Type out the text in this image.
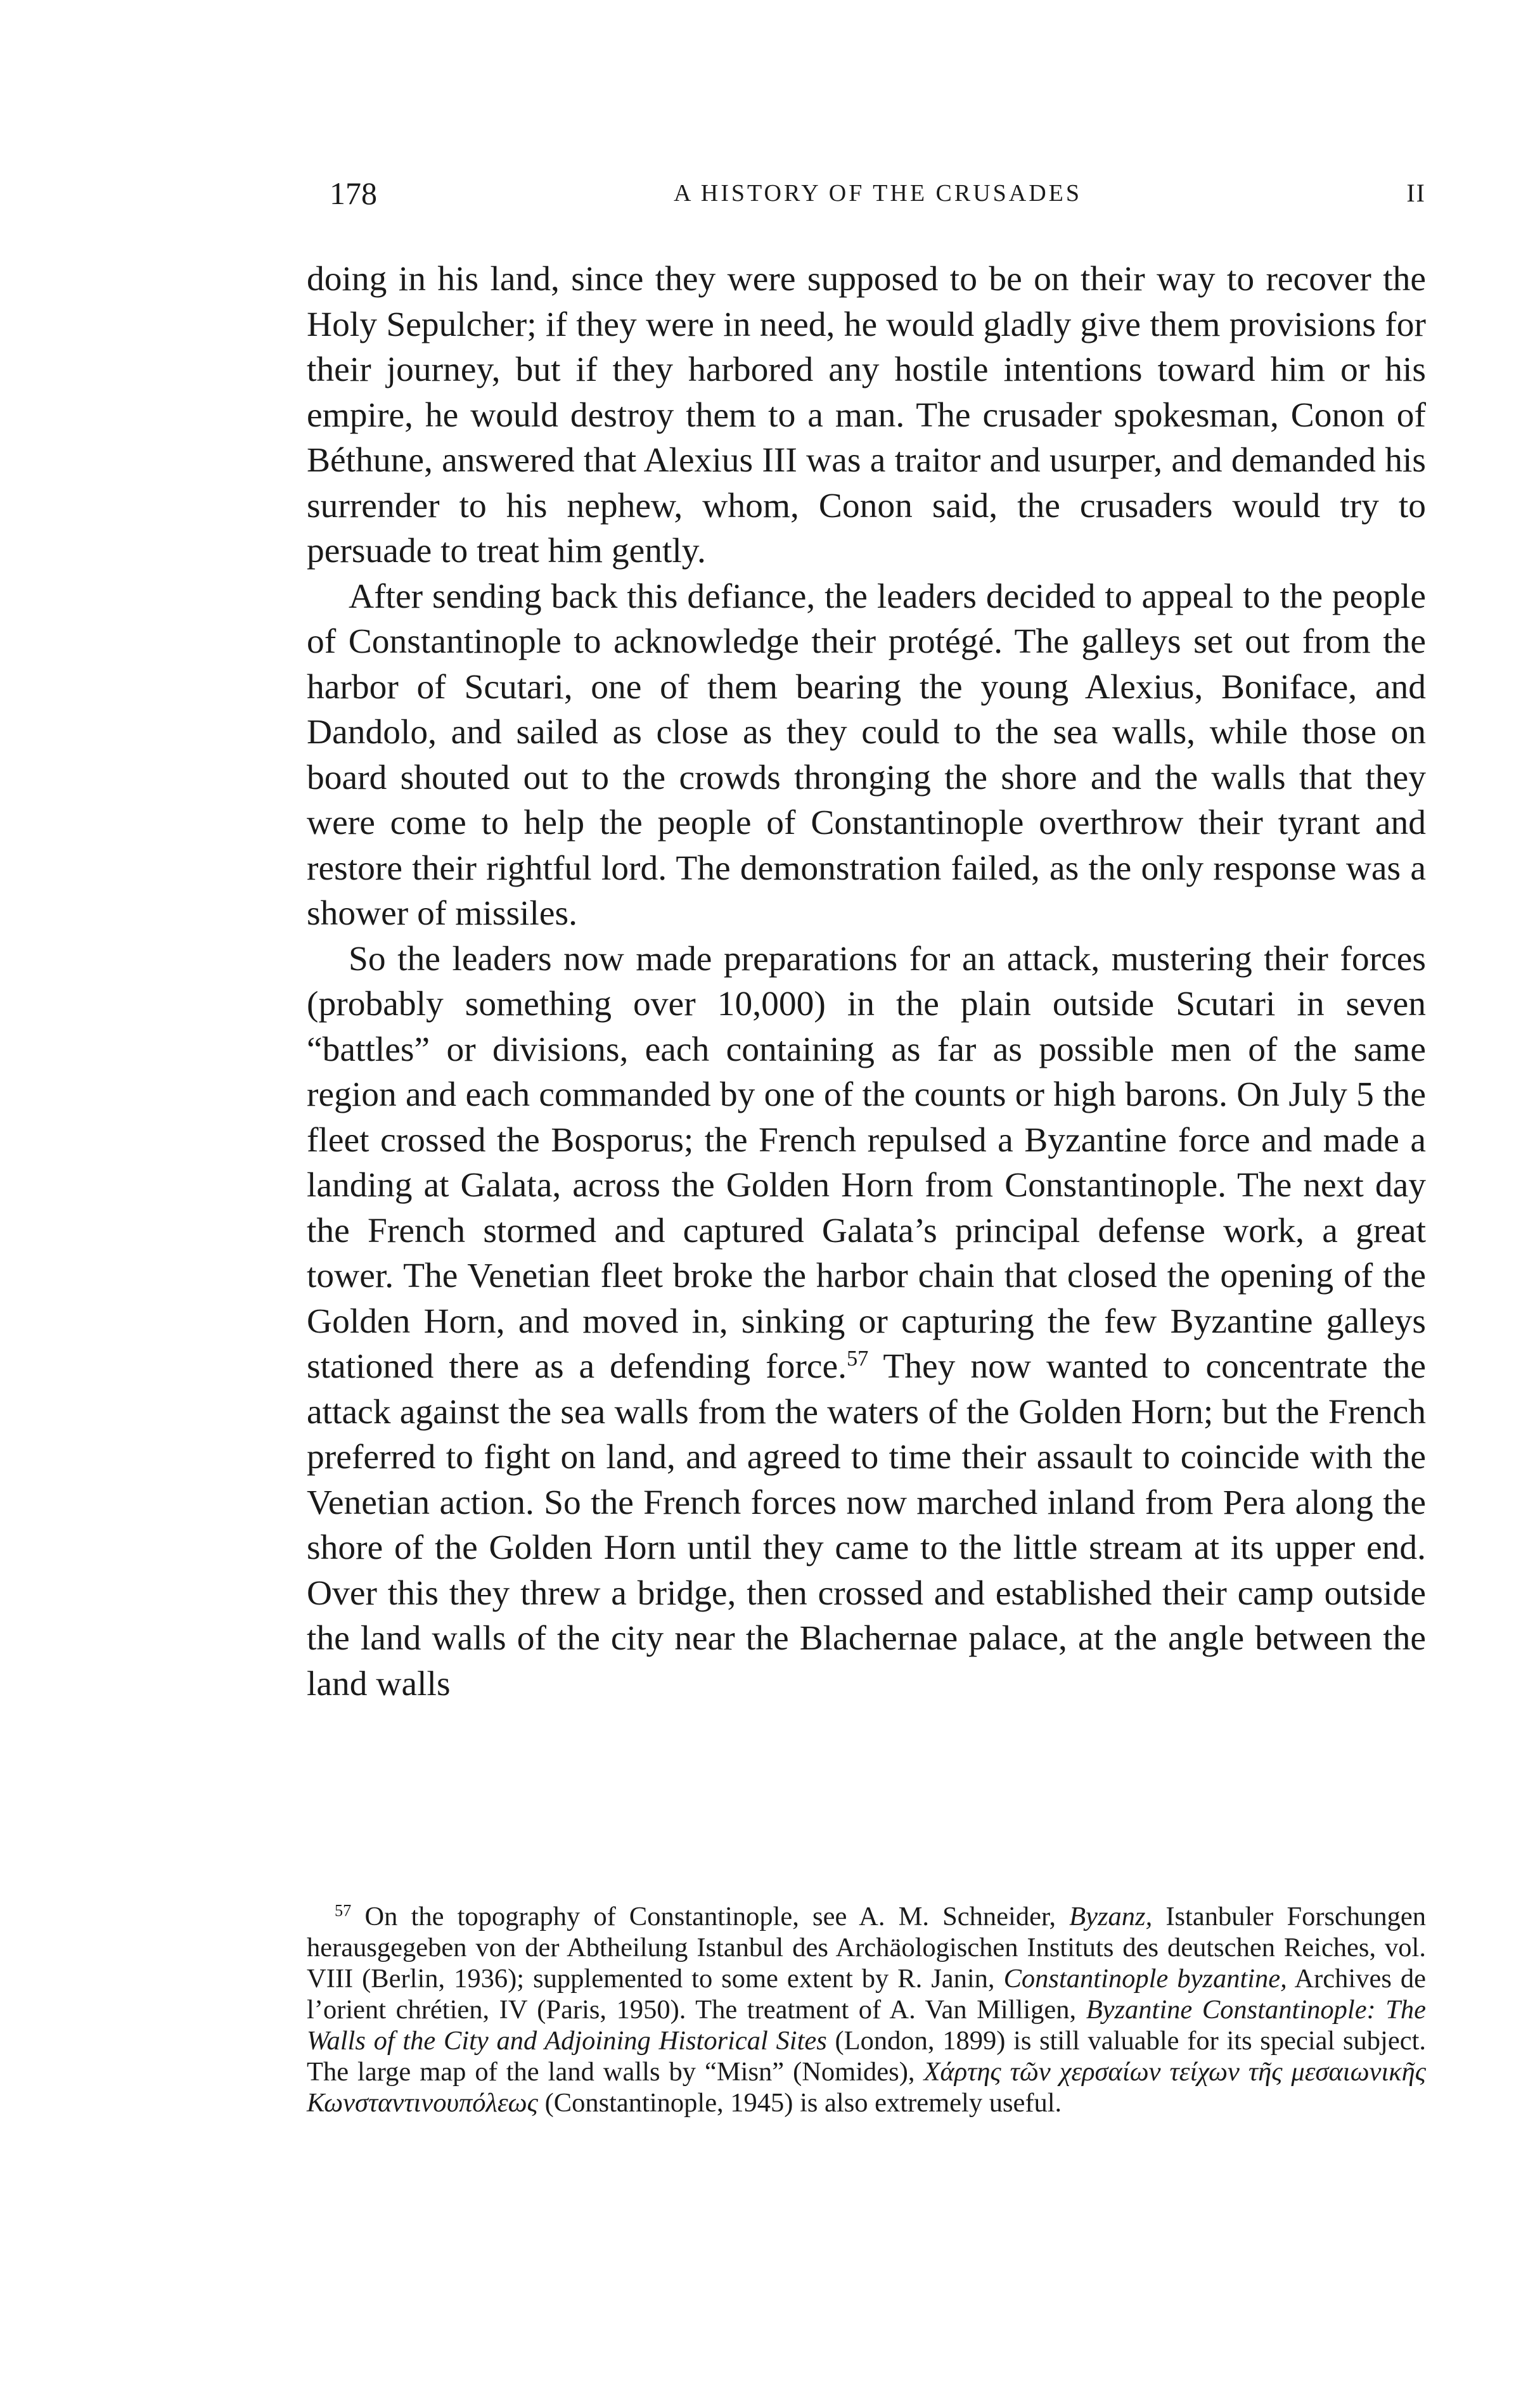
178	A HISTORY OF THE CRUSADES	II

doing in his land, since they were supposed to be on their way to recover the Holy Sepulcher; if they were in need, he would gladly give them provisions for their journey, but if they harbored any hostile intentions toward him or his empire, he would destroy them to a man. The crusader spokesman, Conon of Béthune, answered that Alexius III was a traitor and usurper, and demanded his surrender to his nephew, whom, Conon said, the crusaders would try to persuade to treat him gently.

After sending back this defiance, the leaders decided to appeal to the people of Constantinople to acknowledge their protégé. The galleys set out from the harbor of Scutari, one of them bearing the young Alexius, Boniface, and Dandolo, and sailed as close as they could to the sea walls, while those on board shouted out to the crowds thronging the shore and the walls that they were come to help the people of Constantinople overthrow their tyrant and restore their rightful lord. The demonstration failed, as the only response was a shower of missiles.

So the leaders now made preparations for an attack, mustering their forces (probably something over 10,000) in the plain outside Scutari in seven “battles” or divisions, each containing as far as possible men of the same region and each commanded by one of the counts or high barons. On July 5 the fleet crossed the Bosporus; the French repulsed a Byzantine force and made a landing at Galata, across the Golden Horn from Constantinople. The next day the French stormed and captured Galata’s principal defense work, a great tower. The Venetian fleet broke the harbor chain that closed the opening of the Golden Horn, and moved in, sinking or capturing the few Byzantine galleys stationed there as a defending force.$^{57}$ They now wanted to concentrate the attack against the sea walls from the waters of the Golden Horn; but the French preferred to fight on land, and agreed to time their assault to coincide with the Venetian action. So the French forces now marched inland from Pera along the shore of the Golden Horn until they came to the little stream at its upper end. Over this they threw a bridge, then crossed and established their camp outside the land walls of the city near the Blachernae palace, at the angle between the land walls

$^{57}$ On the topography of Constantinople, see A. M. Schneider, Byzanz, Istanbuler Forschungen herausgegeben von der Abtheilung Istanbul des Archäologischen Instituts des deutschen Reiches, vol. VIII (Berlin, 1936); supplemented to some extent by R. Janin, Constantinople byzantine, Archives de l’orient chrétien, IV (Paris, 1950). The treatment of A. Van Milligen, Byzantine Constantinople: The Walls of the City and Adjoining Historical Sites (London, 1899) is still valuable for its special subject. The large map of the land walls by “Misn” (Nomides), Χάρτης τῶν χερσαίων τείχων τῆς μεσαιωνικῆς Κωνσταντινουπόλεως (Constantinople, 1945) is also extremely useful.
